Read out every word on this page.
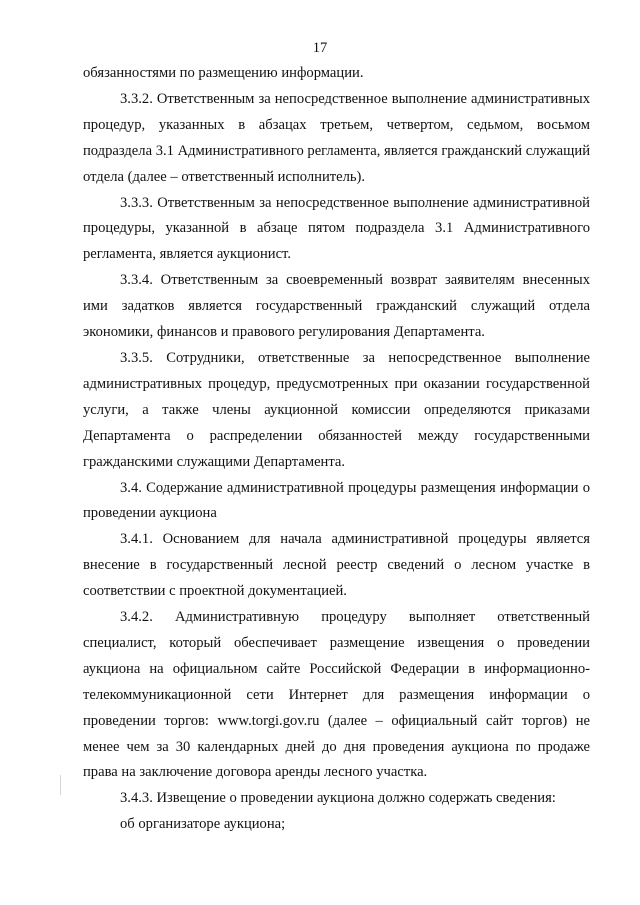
17

обязанностями по размещению информации.

3.3.2. Ответственным за непосредственное выполнение административных процедур, указанных в абзацах третьем, четвертом, седьмом, восьмом подраздела 3.1 Административного регламента, является гражданский служащий отдела (далее – ответственный исполнитель).

3.3.3. Ответственным за непосредственное выполнение административной процедуры, указанной в абзаце пятом подраздела 3.1 Административного регламента, является аукционист.

3.3.4. Ответственным за своевременный возврат заявителям внесенных ими задатков является государственный гражданский служащий отдела экономики, финансов и правового регулирования Департамента.

3.3.5. Сотрудники, ответственные за непосредственное выполнение административных процедур, предусмотренных при оказании государственной услуги, а также члены аукционной комиссии определяются приказами Департамента о распределении обязанностей между государственными гражданскими служащими Департамента.

3.4. Содержание административной процедуры размещения информации о проведении аукциона

3.4.1. Основанием для начала административной процедуры является внесение в государственный лесной реестр сведений о лесном участке в соответствии с проектной документацией.

3.4.2. Административную процедуру выполняет ответственный специалист, который обеспечивает размещение извещения о проведении аукциона на официальном сайте Российской Федерации в информационно-телекоммуникационной сети Интернет для размещения информации о проведении торгов: www.torgi.gov.ru (далее – официальный сайт торгов) не менее чем за 30 календарных дней до дня проведения аукциона по продаже права на заключение договора аренды лесного участка.

3.4.3. Извещение о проведении аукциона должно содержать сведения:

об организаторе аукциона;
